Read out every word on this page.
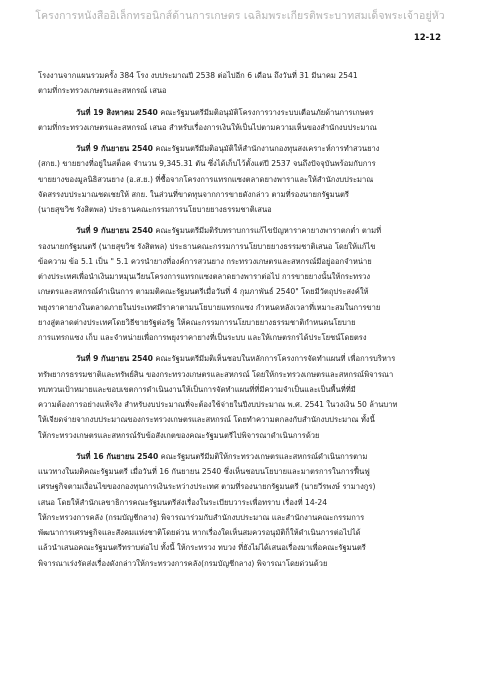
โครงการหนังสืออิเล็กทรอนิกส์ด้านการเกษตร เฉลิมพระเกียรติพระบาทสมเด็จพระเจ้าอยู่หัว
12-12
โรงงานจากแผนรวมครั้ง 384 โรง งบประมาณปี 2538 ต่อไปอีก 6 เดือน ถึงวันที่ 31 มีนาคม 2541
ตามที่กระทรวงเกษตรและสหกรณ์ เสนอ
วันที่ 19 สิงหาคม 2540 คณะรัฐมนตรีมีมติอนุมัติโครงการวางระบบเตือนภัยด้านการเกษตร
ตามที่กระทรวงเกษตรและสหกรณ์ เสนอ สำหรับเรื่องการเงินให้เป็นไปตามความเห็นของสำนักงบประมาณ
วันที่ 9 กันยายน 2540 คณะรัฐมนตรีมีมติอนุมัติให้สำนักงานกองทุนสงเคราะห์การทำสวนยาง
(สกย.) ขายยางที่อยู่ในสต็อค จำนวน 9,345.31 ตัน ซึ่งได้เก็บไว้ตั้งแต่ปี 2537 จนถึงปัจจุบันพร้อมกับการ
ขายยางของมูลนิธิสวนยาง (อ.ส.ย.) ที่ซื้อจากโครงการแทรกแซงตลาดยางพาราและให้สำนักงบประมาณ
จัดสรรงบประมาณชดเชยให้ สกย. ในส่วนที่ขาดทุนจากการขายดังกล่าว ตามที่รองนายกรัฐมนตรี
(นายสุขวิช รังสิตพล) ประธานคณะกรรมการนโยบายยางธรรมชาติเสนอ
วันที่ 9 กันยายน 2540 คณะรัฐมนตรีมีมติรับทราบการแก้ไขปัญหาราคายางพาราตกต่ำ ตามที่
รองนายกรัฐมนตรี (นายสุขวิช รังสิตพล) ประธานคณะกรรมการนโยบายยางธรรมชาติเสนอ โดยให้แก้ไข
ข้อความ ข้อ 5.1 เป็น " 5.1 ควรนำยางที่องค์การสวนยาง กระทรวงเกษตรและสหกรณ์มีอยู่ออกจำหน่าย
ต่างประเทศเพื่อนำเงินมาหมุนเวียนโครงการแทรกแซงตลาดยางพาราต่อไป การขายยางนั้นให้กระทรวง
เกษตรและสหกรณ์ดำเนินการ ตามมติคณะรัฐมนตรีเมื่อวันที่ 4 กุมภาพันธ์ 2540" โดยมีวัตถุประสงค์ให้
พยุงราคายางในตลาดภายในประเทศมีราคาตามนโยบายแทรกแซง กำหนดหลังเวลาที่เหมาะสมในการขาย
ยางสู่ตลาดต่างประเทศโดยวิธีขายรัฐต่อรัฐ ให้คณะกรรมการนโยบายยางธรรมชาติกำหนดนโยบาย
การแทรกแซง เก็บ และจำหน่ายเพื่อการพยุงราคายางที่เป็นระบบ และให้เกษตรกรได้ประโยชน์โดยตรง
วันที่ 9 กันยายน 2540 คณะรัฐมนตรีมีมติเห็นชอบในหลักการโครงการจัดทำแผนที่ เพื่อการบริหาร
ทรัพยากรธรรมชาติและทรัพย์สิน ของกระทรวงเกษตรและสหกรณ์ โดยให้กระทรวงเกษตรและสหกรณ์พิจารณา
ทบทวนเป้าหมายและขอบเขตการดำเนินงานให้เป็นการจัดทำแผนที่ที่มีความจำเป็นและเป็นพื้นที่ที่มี
ความต้องการอย่างแท้จริง สำหรับงบประมาณที่จะต้องใช้จ่ายในปีงบประมาณ พ.ศ. 2541 ในวงเงิน 50 ล้านบาท
ให้เจียดจ่ายจากงบประมาณของกระทรวงเกษตรและสหกรณ์ โดยทำความตกลงกับสำนักงบประมาณ ทั้งนี้
ให้กระทรวงเกษตรและสหกรณ์รับข้อสังเกตของคณะรัฐมนตรีไปพิจารณาดำเนินการด้วย
วันที่ 16 กันยายน 2540 คณะรัฐมนตรีมีมติให้กระทรวงเกษตรและสหกรณ์ดำเนินการตาม
แนวทางในมติคณะรัฐมนตรี เมื่อวันที่ 16 กันยายน 2540 ซึ่งเห็นชอบนโยบายและมาตรการในการฟื้นฟู
เศรษฐกิจตามเงื่อนไขของกองทุนการเงินระหว่างประเทศ ตามที่รองนายกรัฐมนตรี (นายวีรพงษ์ รามางกูร)
เสนอ โดยให้สำนักเลขาธิการคณะรัฐมนตรีส่งเรื่องในระเบียบวาระเพื่อทราบ เรื่องที่ 14-24
ให้กระทรวงการคลัง (กรมบัญชีกลาง) พิจารณาร่วมกับสำนักงบประมาณ และสำนักงานคณะกรรมการ
พัฒนาการเศรษฐกิจและสังคมแห่งชาติโดยด่วน หากเรื่องใดเห็นสมควรอนุมัติก็ให้ดำเนินการต่อไปได้
แล้วนำเสนอคณะรัฐมนตรีทราบต่อไป ทั้งนี้ ให้กระทรวง ทบวง ที่ยังไม่ได้เสนอเรื่องมาเพื่อคณะรัฐมนตรี
พิจารณาเร่งรัดส่งเรื่องดังกล่าวให้กระทรวงการคลัง(กรมบัญชีกลาง) พิจารณาโดยด่วนด้วย
